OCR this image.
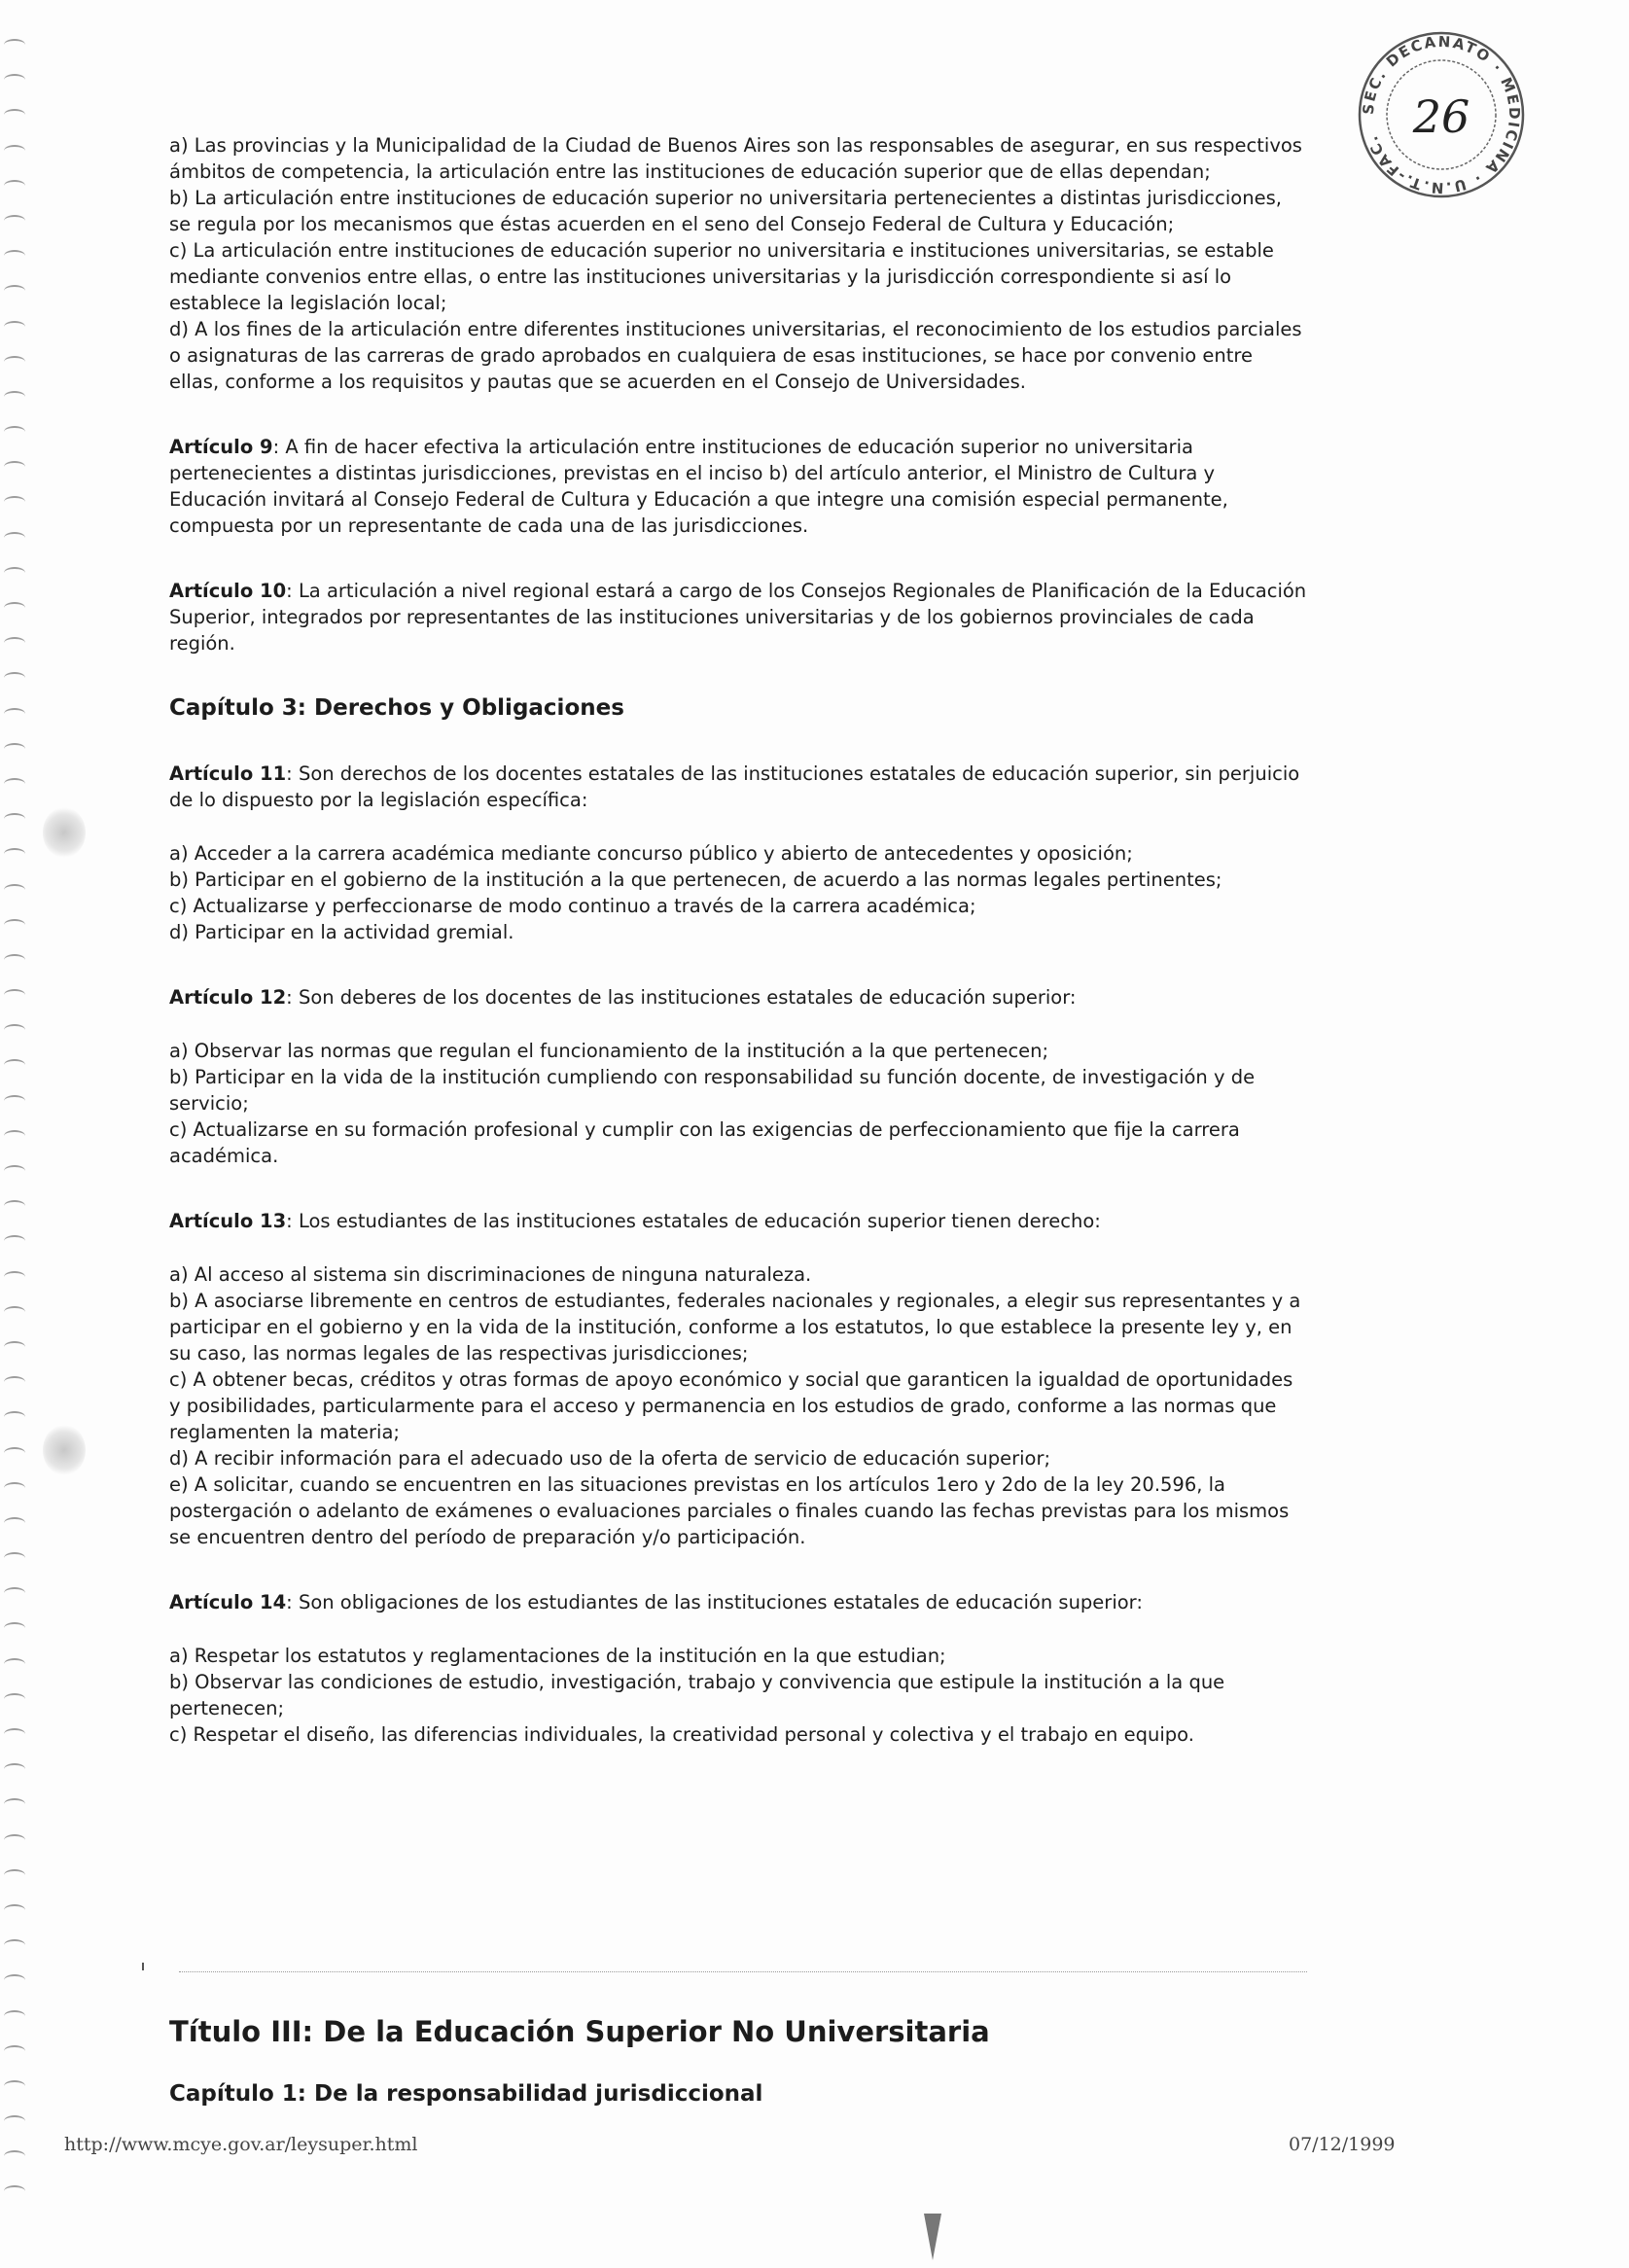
SEC. DECANATO · MEDICINA · U.N.T.-FAC. 26

a) Las provincias y la Municipalidad de la Ciudad de Buenos Aires son las responsables de asegurar, en sus respectivos ámbitos de competencia, la articulación entre las instituciones de educación superior que de ellas dependan;

b) La articulación entre instituciones de educación superior no universitaria pertenecientes a distintas jurisdicciones, se regula por los mecanismos que éstas acuerden en el seno del Consejo Federal de Cultura y Educación;

c) La articulación entre instituciones de educación superior no universitaria e instituciones universitarias, se estable mediante convenios entre ellas, o entre las instituciones universitarias y la jurisdicción correspondiente si así lo establece la legislación local;

d) A los fines de la articulación entre diferentes instituciones universitarias, el reconocimiento de los estudios parciales o asignaturas de las carreras de grado aprobados en cualquiera de esas instituciones, se hace por convenio entre ellas, conforme a los requisitos y pautas que se acuerden en el Consejo de Universidades.

Artículo 9: A fin de hacer efectiva la articulación entre instituciones de educación superior no universitaria pertenecientes a distintas jurisdicciones, previstas en el inciso b) del artículo anterior, el Ministro de Cultura y Educación invitará al Consejo Federal de Cultura y Educación a que integre una comisión especial permanente, compuesta por un representante de cada una de las jurisdicciones.

Artículo 10: La articulación a nivel regional estará a cargo de los Consejos Regionales de Planificación de la Educación Superior, integrados por representantes de las instituciones universitarias y de los gobiernos provinciales de cada región.

Capítulo 3: Derechos y Obligaciones

Artículo 11: Son derechos de los docentes estatales de las instituciones estatales de educación superior, sin perjuicio de lo dispuesto por la legislación específica:

a) Acceder a la carrera académica mediante concurso público y abierto de antecedentes y oposición;

b) Participar en el gobierno de la institución a la que pertenecen, de acuerdo a las normas legales pertinentes;

c) Actualizarse y perfeccionarse de modo continuo a través de la carrera académica;

d) Participar en la actividad gremial.

Artículo 12: Son deberes de los docentes de las instituciones estatales de educación superior:

a) Observar las normas que regulan el funcionamiento de la institución a la que pertenecen;

b) Participar en la vida de la institución cumpliendo con responsabilidad su función docente, de investigación y de servicio;

c) Actualizarse en su formación profesional y cumplir con las exigencias de perfeccionamiento que fije la carrera académica.

Artículo 13: Los estudiantes de las instituciones estatales de educación superior tienen derecho:

a) Al acceso al sistema sin discriminaciones de ninguna naturaleza.

b) A asociarse libremente en centros de estudiantes, federales nacionales y regionales, a elegir sus representantes y a participar en el gobierno y en la vida de la institución, conforme a los estatutos, lo que establece la presente ley y, en su caso, las normas legales de las respectivas jurisdicciones;

c) A obtener becas, créditos y otras formas de apoyo económico y social que garanticen la igualdad de oportunidades y posibilidades, particularmente para el acceso y permanencia en los estudios de grado, conforme a las normas que reglamenten la materia;

d) A recibir información para el adecuado uso de la oferta de servicio de educación superior;

e) A solicitar, cuando se encuentren en las situaciones previstas en los artículos 1ero y 2do de la ley 20.596, la postergación o adelanto de exámenes o evaluaciones parciales o finales cuando las fechas previstas para los mismos se encuentren dentro del período de preparación y/o participación.

Artículo 14: Son obligaciones de los estudiantes de las instituciones estatales de educación superior:

a) Respetar los estatutos y reglamentaciones de la institución en la que estudian;

b) Observar las condiciones de estudio, investigación, trabajo y convivencia que estipule la institución a la que pertenecen;

c) Respetar el diseño, las diferencias individuales, la creatividad personal y colectiva y el trabajo en equipo.

Título III: De la Educación Superior No Universitaria

Capítulo 1: De la responsabilidad jurisdiccional

http://www.mcye.gov.ar/leysuper.html	07/12/1999
